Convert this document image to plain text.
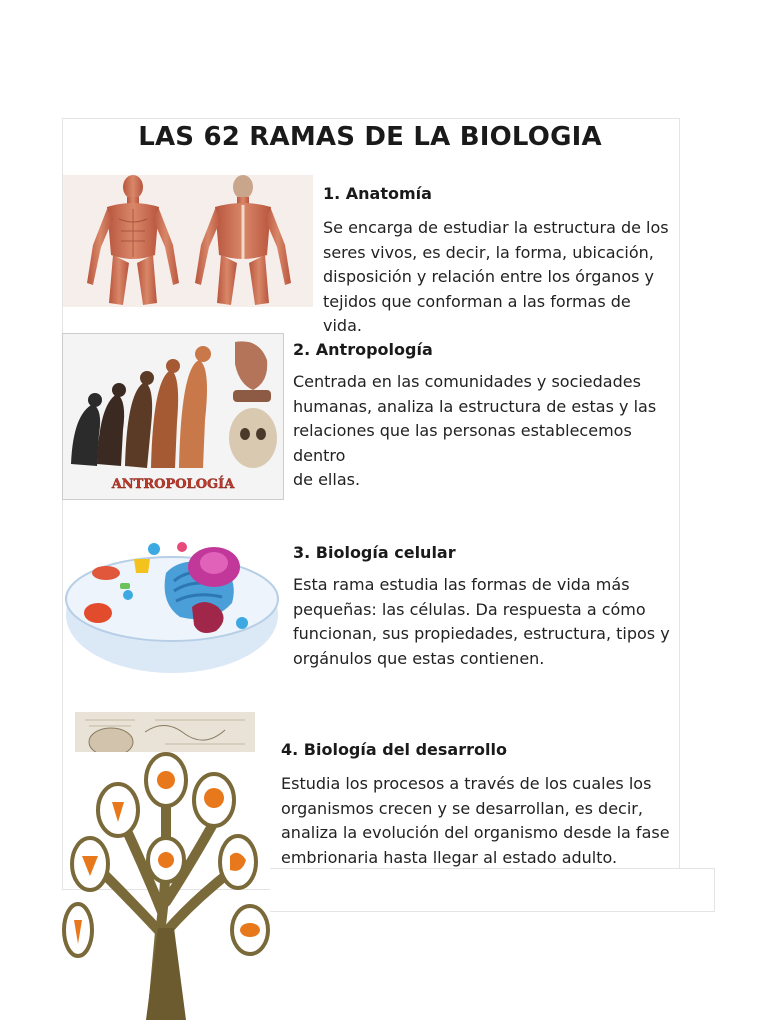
LAS 62 RAMAS DE LA BIOLOGIA
1. Anatomía

Se encarga de estudiar la estructura de los
seres vivos, es decir, la forma, ubicación,
disposición y relación entre los órganos y
tejidos que conforman a las formas de vida.

ANTROPOLOGÍA
2. Antropología

Centrada en las comunidades y sociedades
humanas, analiza la estructura de estas y las
relaciones que las personas establecemos dentro
de ellas.

3. Biología celular

Esta rama estudia las formas de vida más
pequeñas: las células. Da respuesta a cómo
funcionan, sus propiedades, estructura, tipos y
orgánulos que estas contienen.

4. Biología del desarrollo

Estudia los procesos a través de los cuales los
organismos crecen y se desarrollan, es decir,
analiza la evolución del organismo desde la fase
embrionaria hasta llegar al estado adulto.
